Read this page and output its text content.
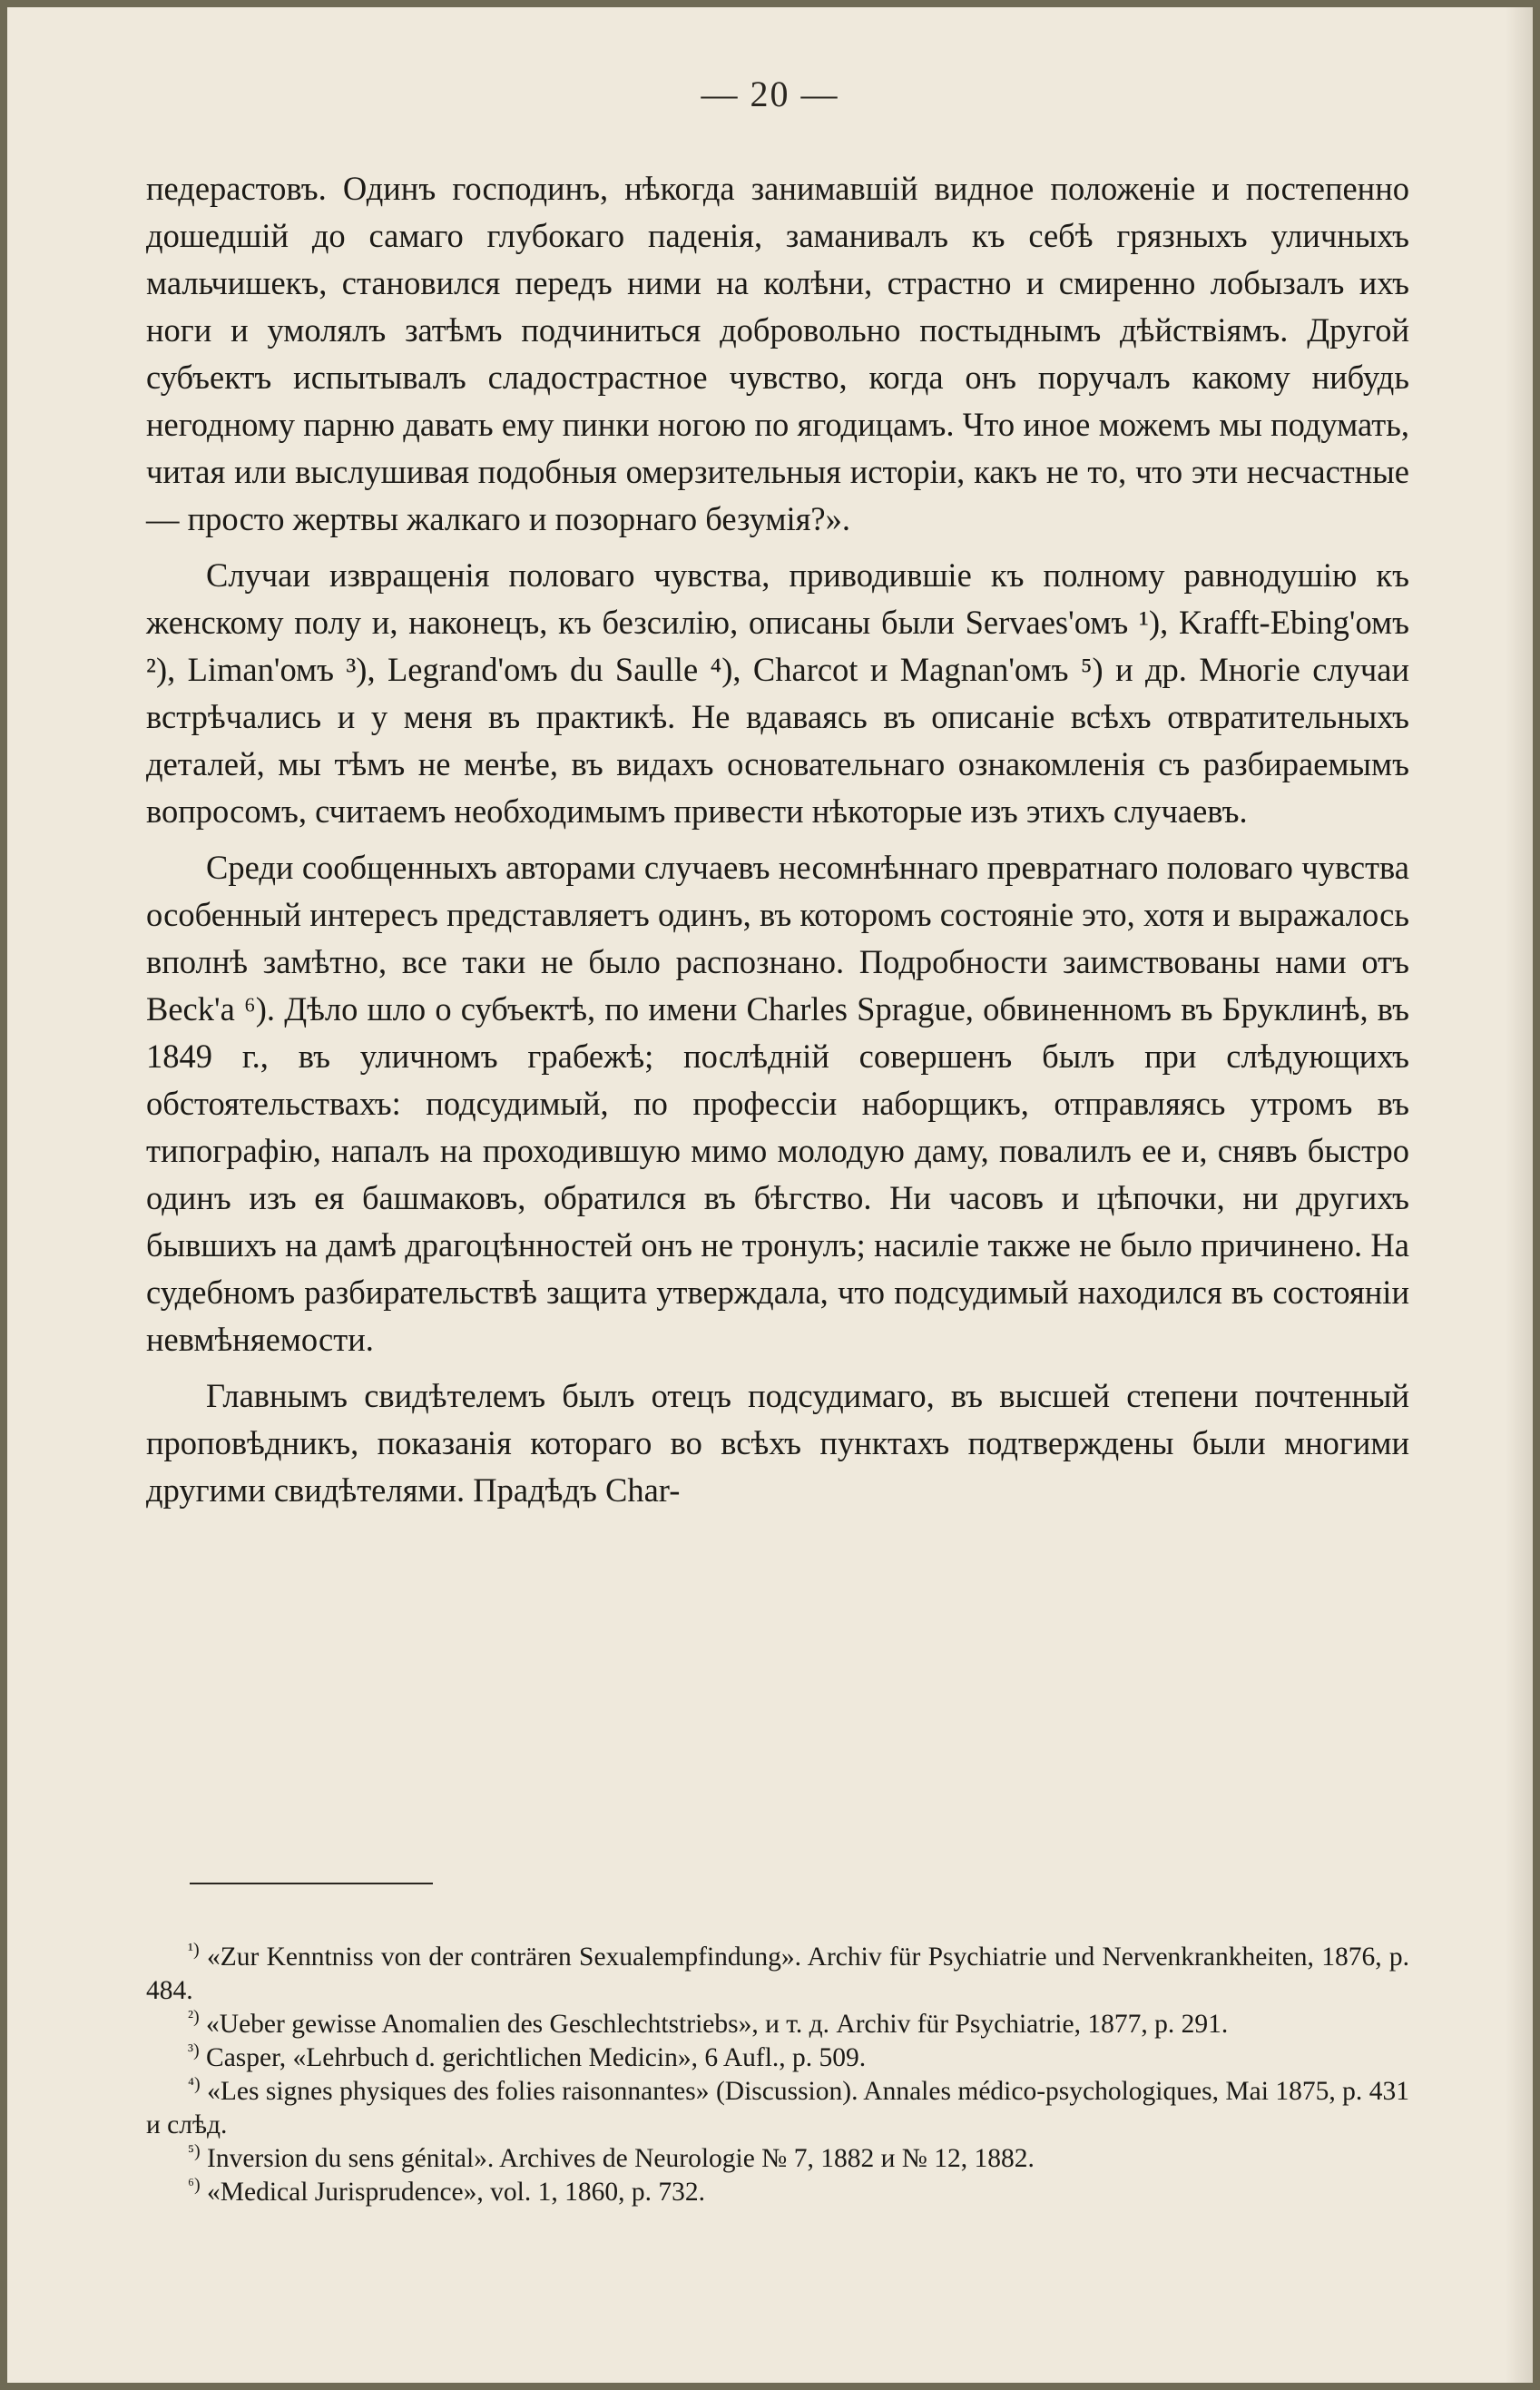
— 20 —

педерастовъ. Одинъ господинъ, нѣкогда занимавшій видное положеніе и постепенно дошедшій до самаго глубокаго паденія, заманивалъ къ себѣ грязныхъ уличныхъ мальчишекъ, становился передъ ними на колѣни, страстно и смиренно лобызалъ ихъ ноги и умолялъ затѣмъ подчиниться добровольно постыднымъ дѣйствіямъ. Другой субъектъ испытывалъ сладострастное чувство, когда онъ поручалъ какому нибудь негодному парню давать ему пинки ногою по ягодицамъ. Что иное можемъ мы подумать, читая или выслушивая подобныя омерзительныя исторіи, какъ не то, что эти несчастные — просто жертвы жалкаго и позорнаго безумія?».

Случаи извращенія половаго чувства, приводившіе къ полному равнодушію къ женскому полу и, наконецъ, къ безсилію, описаны были Servaes'омъ ¹), Krafft-Ebing'омъ ²), Liman'омъ ³), Legrand'омъ du Saulle ⁴), Charcot и Magnan'омъ ⁵) и др. Многіе случаи встрѣчались и у меня въ практикѣ. Не вдаваясь въ описаніе всѣхъ отвратительныхъ деталей, мы тѣмъ не менѣе, въ видахъ основательнаго ознакомленія съ разбираемымъ вопросомъ, считаемъ необходимымъ привести нѣкоторые изъ этихъ случаевъ.

Среди сообщенныхъ авторами случаевъ несомнѣннаго превратнаго половаго чувства особенный интересъ представляетъ одинъ, въ которомъ состояніе это, хотя и выражалось вполнѣ замѣтно, все таки не было распознано. Подробности заимствованы нами отъ Beck'a ⁶). Дѣло шло о субъектѣ, по имени Charles Sprague, обвиненномъ въ Бруклинѣ, въ 1849 г., въ уличномъ грабежѣ; послѣдній совершенъ былъ при слѣдующихъ обстоятельствахъ: подсудимый, по профессіи наборщикъ, отправляясь утромъ въ типографію, напалъ на проходившую мимо молодую даму, повалилъ ее и, снявъ быстро одинъ изъ ея башмаковъ, обратился въ бѣгство. Ни часовъ и цѣпочки, ни другихъ бывшихъ на дамѣ драгоцѣнностей онъ не тронулъ; насиліе также не было причинено. На судебномъ разбирательствѣ защита утверждала, что подсудимый находился въ состояніи невмѣняемости.

Главнымъ свидѣтелемъ былъ отецъ подсудимаго, въ высшей степени почтенный проповѣдникъ, показанія котораго во всѣхъ пунктахъ подтверждены были многими другими свидѣтелями. Прадѣдъ Char-

$^{^1)}$ «Zur Kenntniss von der conträren Sexualempfindung». Archiv für Psychiatrie und Nervenkrankheiten, 1876, p. 484.

$^{^2)}$ «Ueber gewisse Anomalien des Geschlechtstriebs», и т. д. Archiv für Psychiatrie, 1877, p. 291.

$^{^3)}$ Casper, «Lehrbuch d. gerichtlichen Medicin», 6 Aufl., p. 509.

$^{^4)}$ «Les signes physiques des folies raisonnantes» (Discussion). Annales médico-psychologiques, Mai 1875, p. 431 и слѣд.

$^{^5)}$ Inversion du sens génital». Archives de Neurologie № 7, 1882 и № 12, 1882.

$^{^6)}$ «Medical Jurisprudence», vol. 1, 1860, p. 732.
